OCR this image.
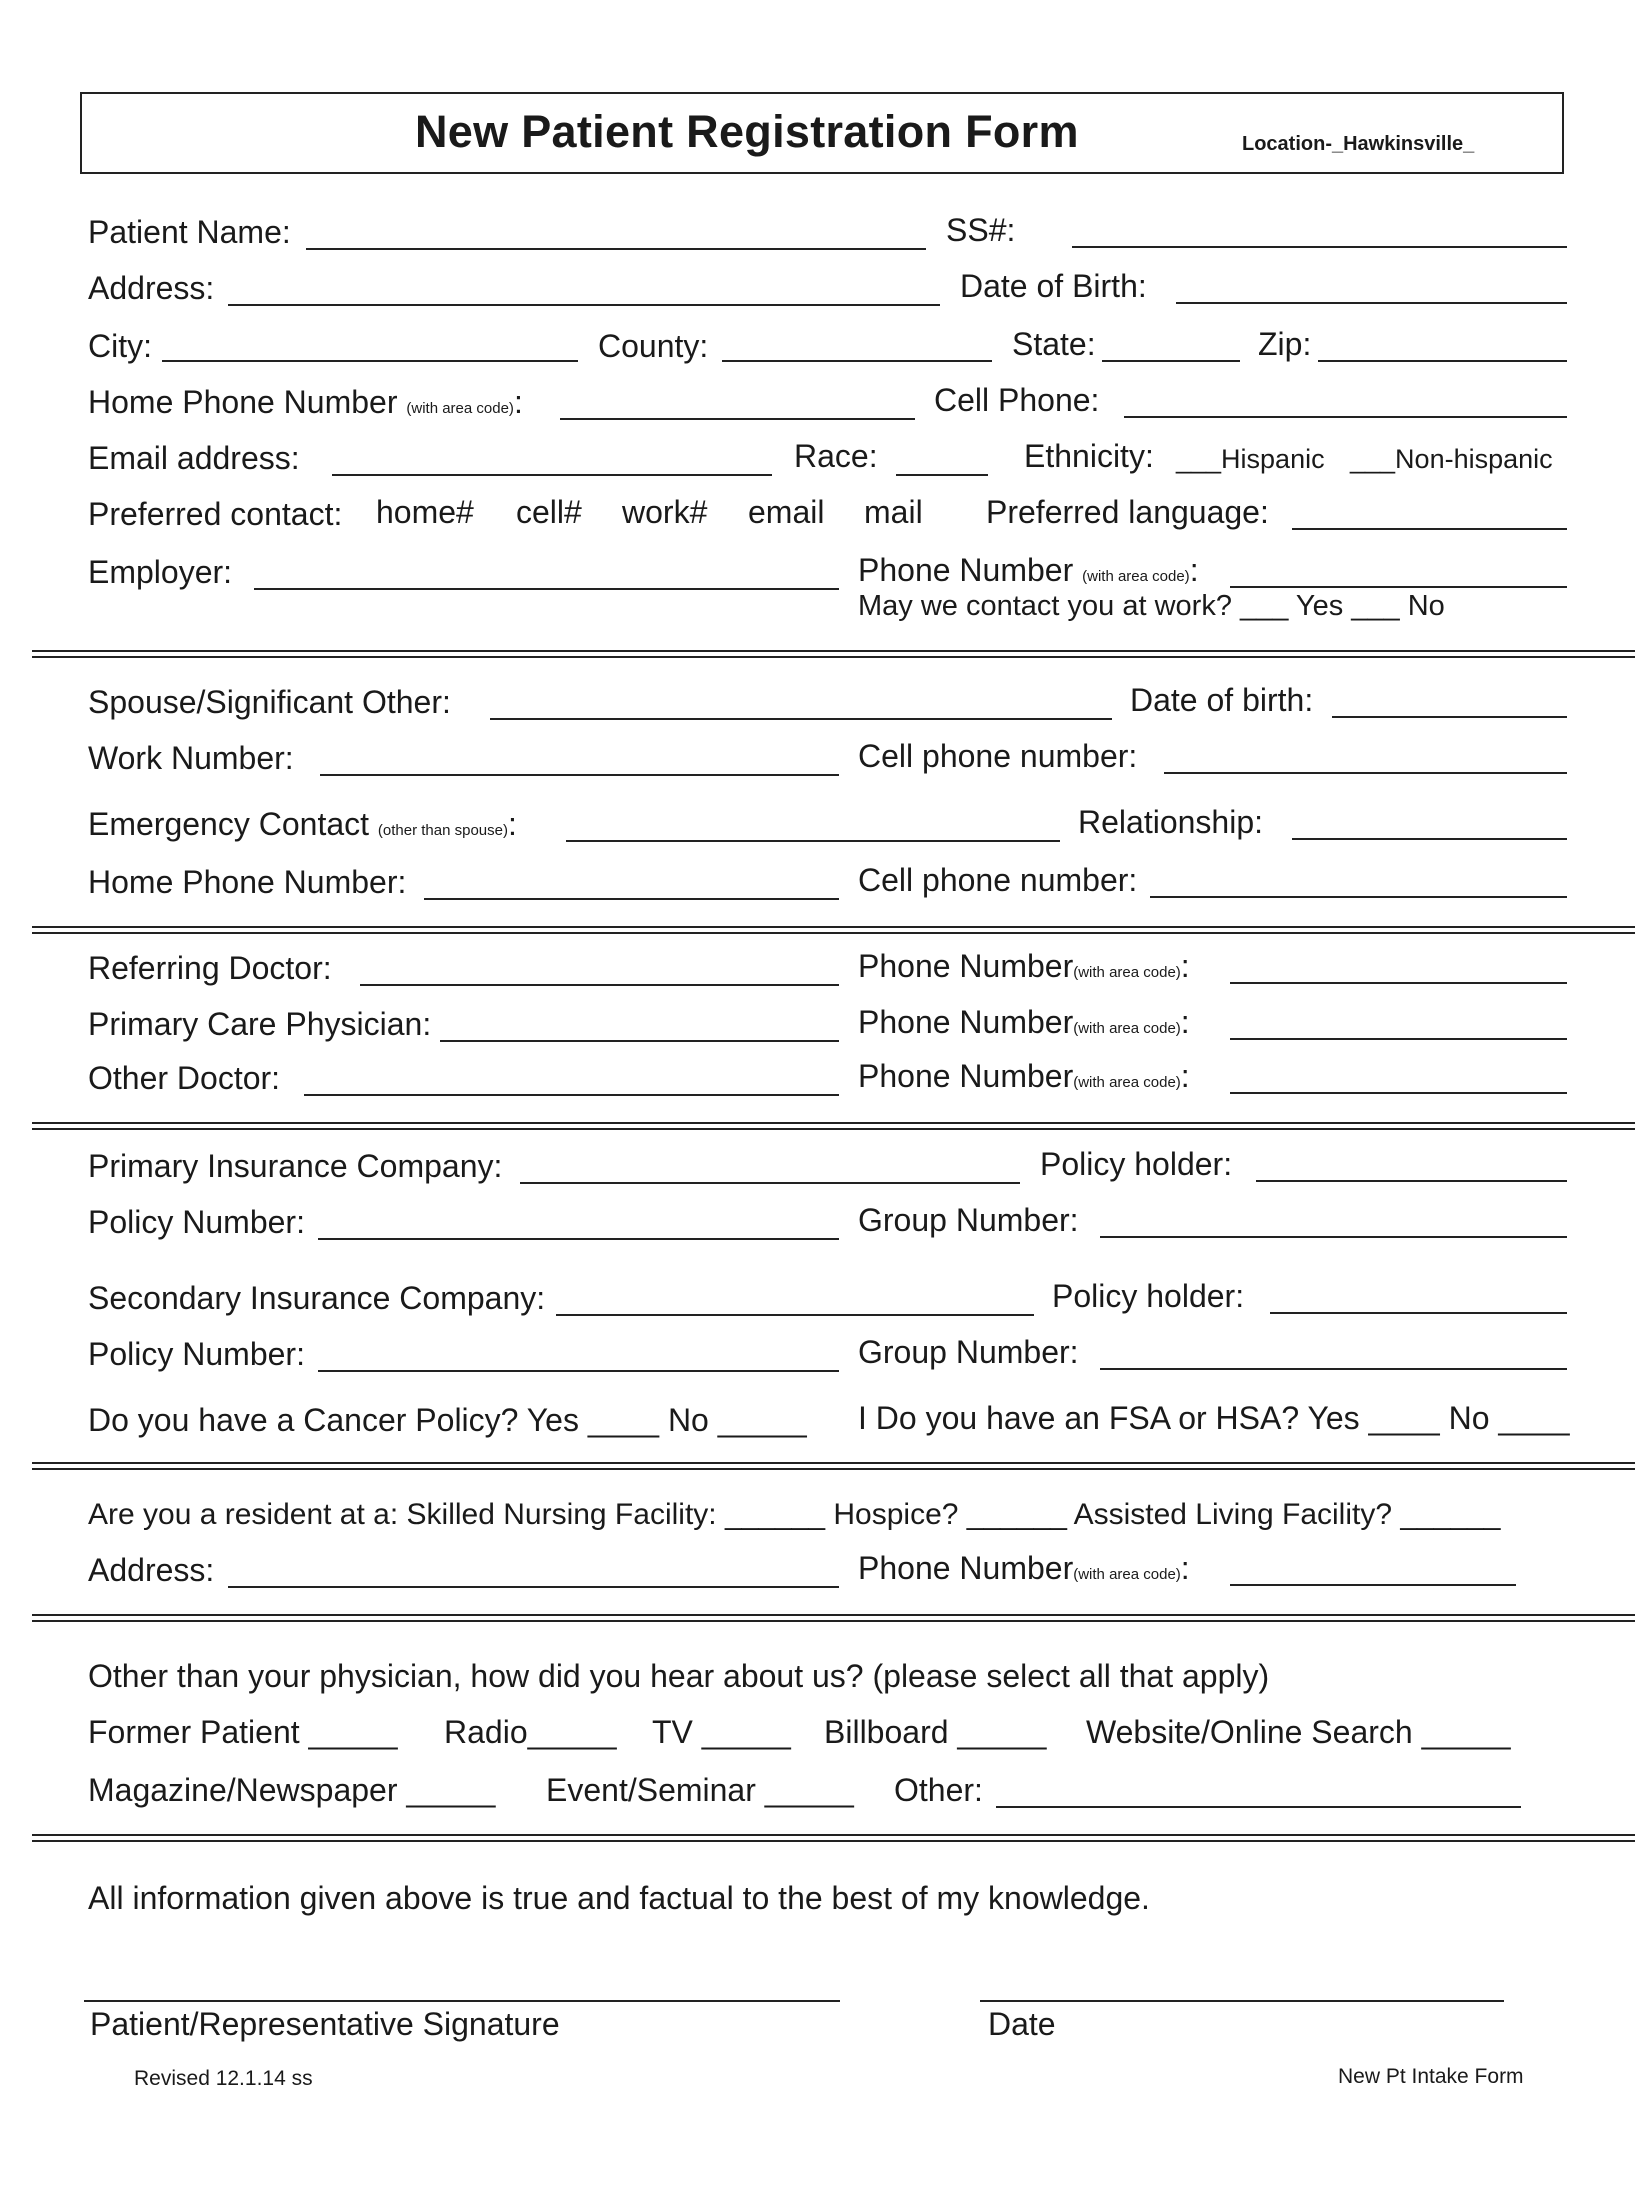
New Patient Registration Form	Location-_Hawkinsville_
Patient Name:	SS#:
Address:	Date of Birth:
City:	County:	State:	Zip:
Home Phone Number (with area code):	Cell Phone:
Email address:	Race:	Ethnicity: ___Hispanic ___Non-hispanic
Preferred contact: home# cell# work# email mail Preferred language:
Employer:	Phone Number (with area code):
May we contact you at work? ___ Yes ___ No
Spouse/Significant Other:	Date of birth:
Work Number:	Cell phone number:
Emergency Contact (other than spouse):	Relationship:
Home Phone Number:	Cell phone number:
Referring Doctor:	Phone Number(with area code):
Primary Care Physician:	Phone Number(with area code):
Other Doctor:	Phone Number(with area code):
Primary Insurance Company:	Policy holder:
Policy Number:	Group Number:
Secondary Insurance Company:	Policy holder:
Policy Number:	Group Number:
Do you have a Cancer Policy? Yes ____ No _____ I Do you have an FSA or HSA? Yes ____ No ____
Are you a resident at a: Skilled Nursing Facility: ______ Hospice? ______ Assisted Living Facility? ______
Address:	Phone Number(with area code):
Other than your physician, how did you hear about us? (please select all that apply)
Former Patient _____ Radio_____ TV _____ Billboard _____ Website/Online Search _____
Magazine/Newspaper _____ Event/Seminar _____ Other:
All information given above is true and factual to the best of my knowledge.
Patient/Representative Signature	Date
Revised 12.1.14 ss	New Pt Intake Form
